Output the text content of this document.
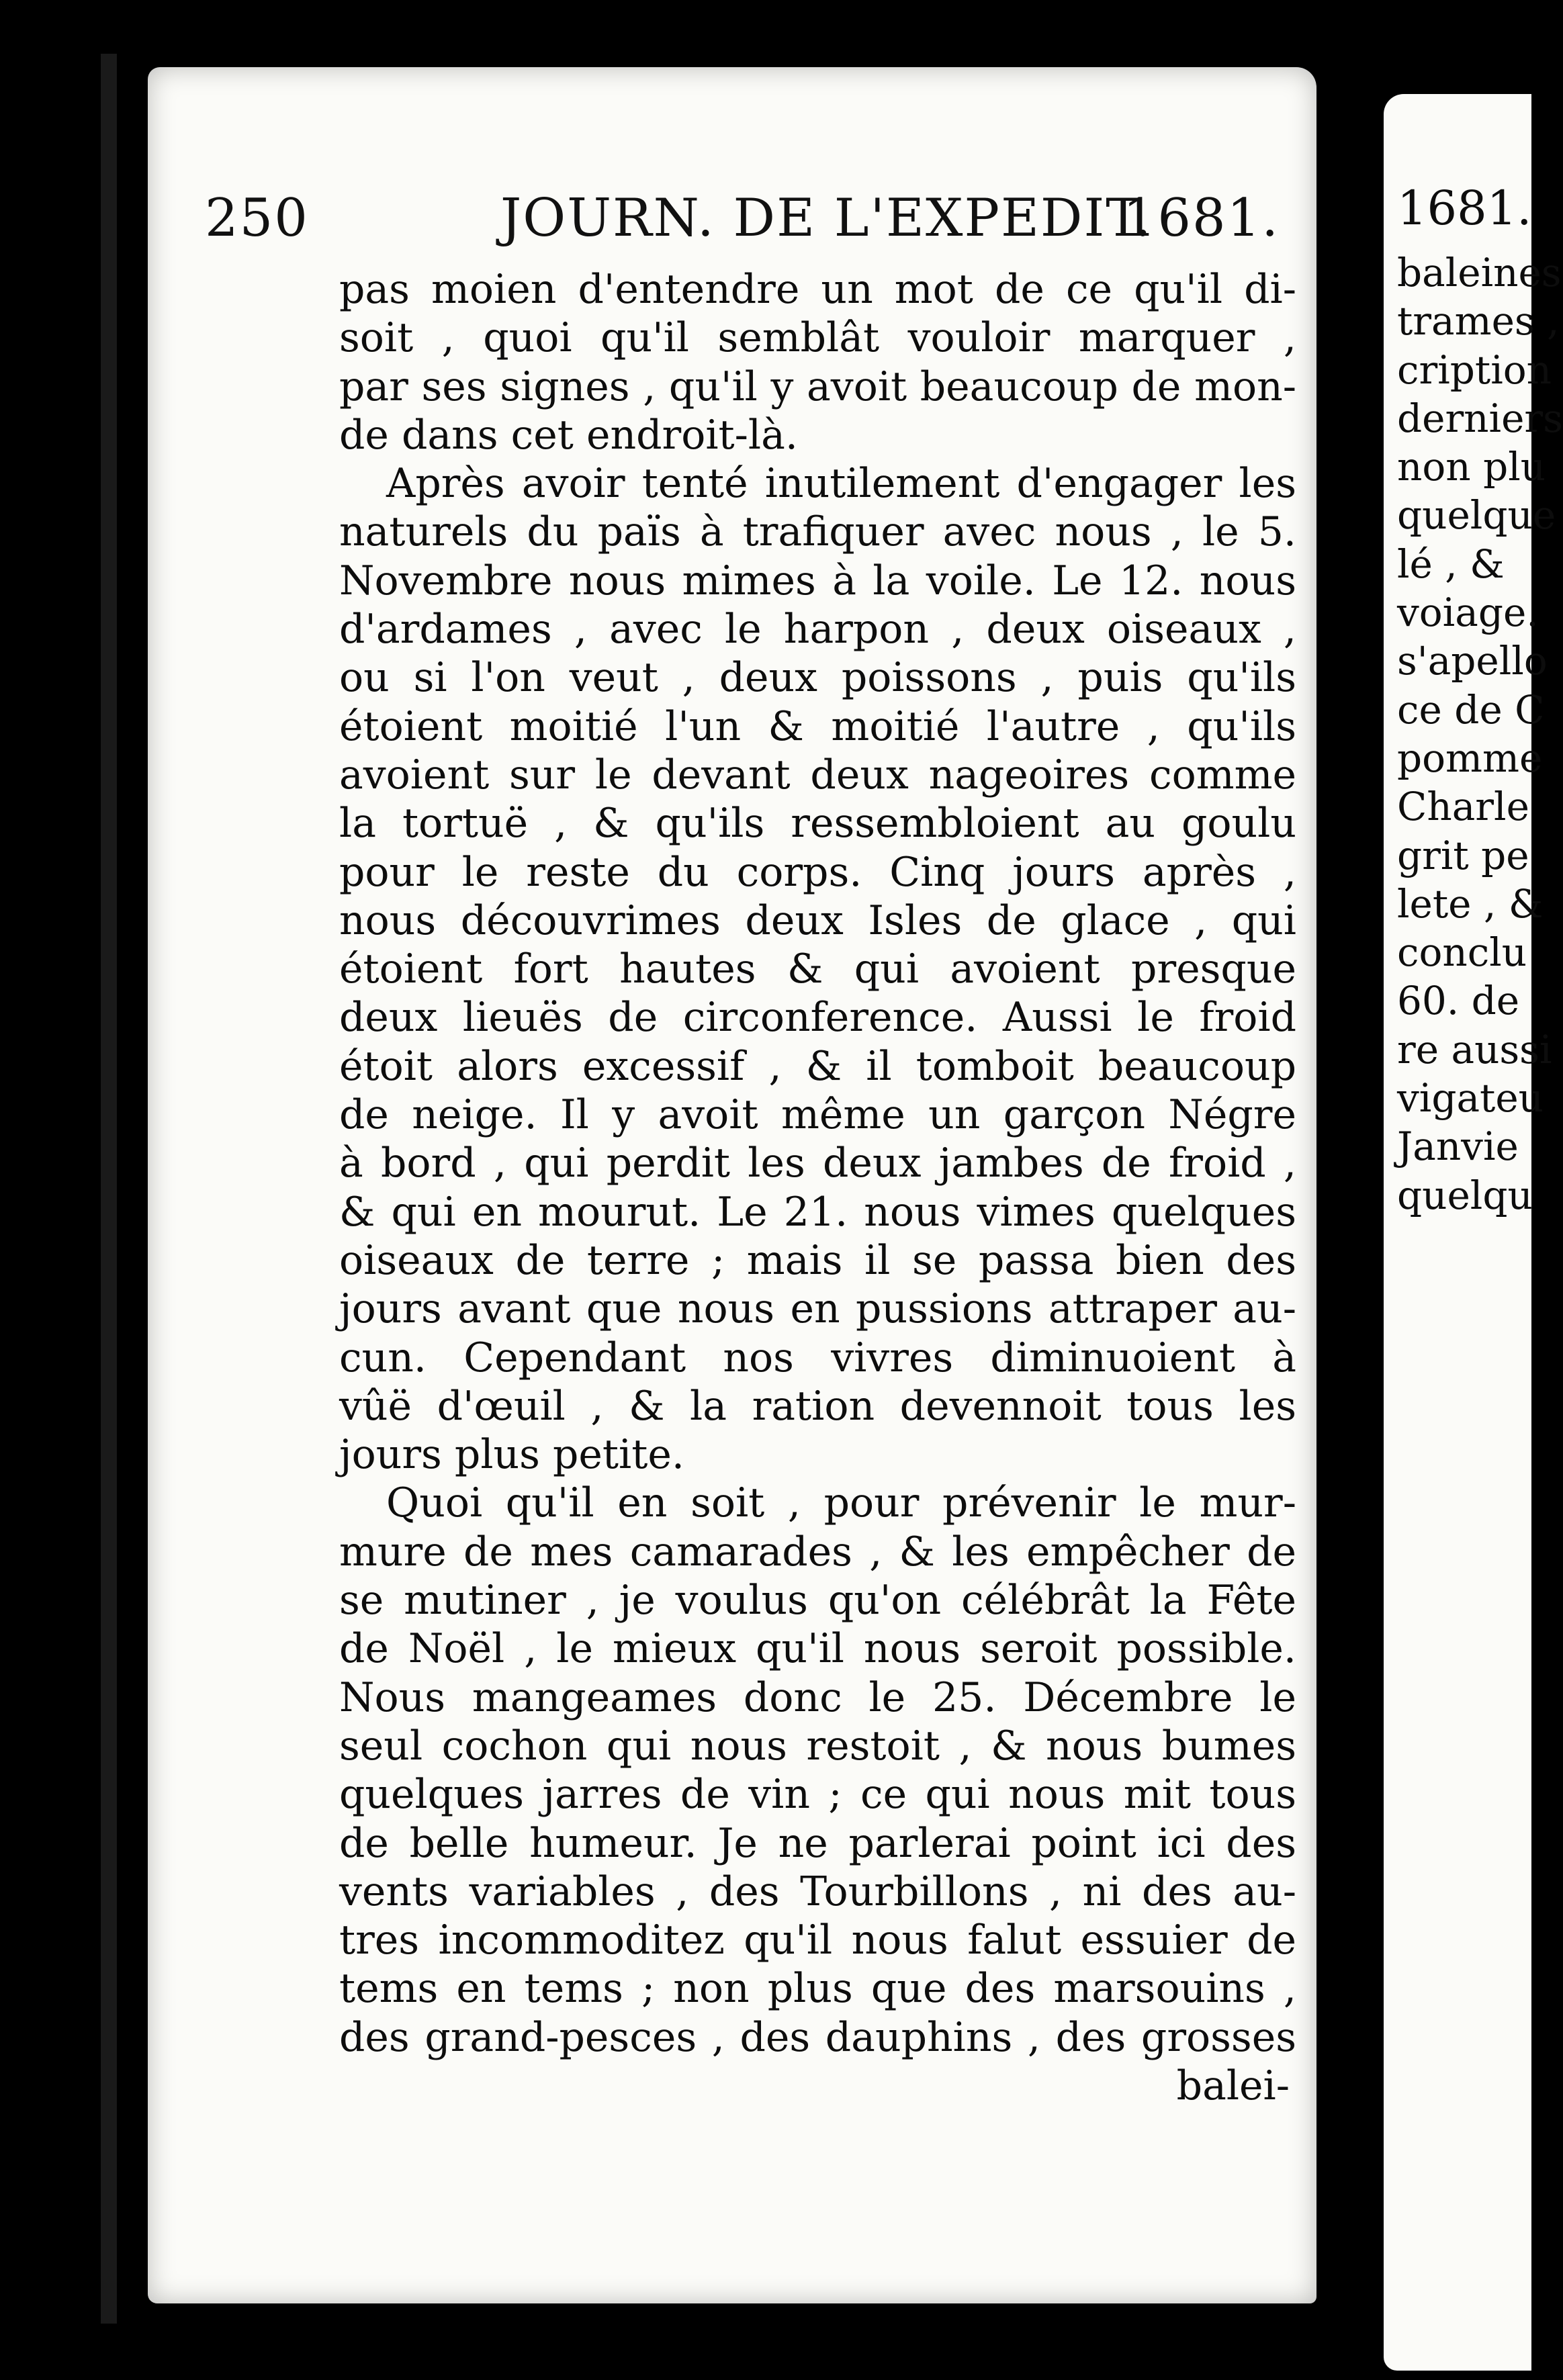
250	JOURN. DE L'EXPEDIT.
1681.
pas moien d'entendre un mot de ce qu'il di-
soit , quoi qu'il semblât vouloir marquer ,
par ses signes , qu'il y avoit beaucoup de mon-
de dans cet endroit-là.
Après avoir tenté inutilement d'engager les
naturels du païs à trafiquer avec nous , le 5.
Novembre nous mimes à la voile. Le 12. nous
d'ardames , avec le harpon , deux oiseaux ,
ou si l'on veut , deux poissons , puis qu'ils
étoient moitié l'un & moitié l'autre , qu'ils
avoient sur le devant deux nageoires comme
la tortuë , & qu'ils ressembloient au goulu
pour le reste du corps. Cinq jours après ,
nous découvrimes deux Isles de glace , qui
étoient fort hautes & qui avoient presque
deux lieuës de circonference. Aussi le froid
étoit alors excessif , & il tomboit beaucoup
de neige. Il y avoit même un garçon Négre
à bord , qui perdit les deux jambes de froid ,
& qui en mourut. Le 21. nous vimes quelques
oiseaux de terre ; mais il se passa bien des
jours avant que nous en pussions attraper au-
cun. Cependant nos vivres diminuoient à
vûë d'œuil , & la ration devennoit tous les
jours plus petite.
Quoi qu'il en soit , pour prévenir le mur-
mure de mes camarades , & les empêcher de
se mutiner , je voulus qu'on célébrât la Fête
de Noël , le mieux qu'il nous seroit possible.
Nous mangeames donc le 25. Décembre le
seul cochon qui nous restoit , & nous bumes
quelques jarres de vin ; ce qui nous mit tous
de belle humeur. Je ne parlerai point ici des
vents variables , des Tourbillons , ni des au-
tres incommoditez qu'il nous falut essuier de
tems en tems ; non plus que des marsouins ,
des grand-pesces , des dauphins , des grosses
balei-
1681.
baleines
trames ,
cription
derniers
non plu
quelque
lé , &
voiage.
s'apello
ce de C
pomme
Charle
grit pe
lete , &
conclu
60. de
re aussi
vigateu
Janvie
quelqu
